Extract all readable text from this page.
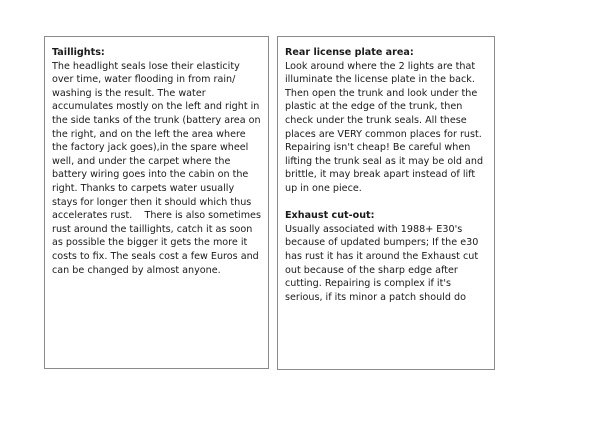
Taillights:
The headlight seals lose their elasticity over time, water flooding in from rain/ washing is the result. The water accumulates mostly on the left and right in the side tanks of the trunk (battery area on the right, and on the left the area where the factory jack goes),in the spare wheel well, and under the carpet where the battery wiring goes into the cabin on the right. Thanks to carpets water usually stays for longer then it should which thus accelerates rust.    There is also sometimes rust around the taillights, catch it as soon as possible the bigger it gets the more it costs to fix. The seals cost a few Euros and can be changed by almost anyone.
Rear license plate area:
Look around where the 2 lights are that illuminate the license plate in the back. Then open the trunk and look under the plastic at the edge of the trunk, then check under the trunk seals. All these places are VERY common places for rust. Repairing isn't cheap! Be careful when lifting the trunk seal as it may be old and brittle, it may break apart instead of lift up in one piece.
Exhaust cut-out:
Usually associated with 1988+ E30's because of updated bumpers; If the e30 has rust it has it around the Exhaust cut out because of the sharp edge after cutting. Repairing is complex if it's serious, if its minor a patch should do
